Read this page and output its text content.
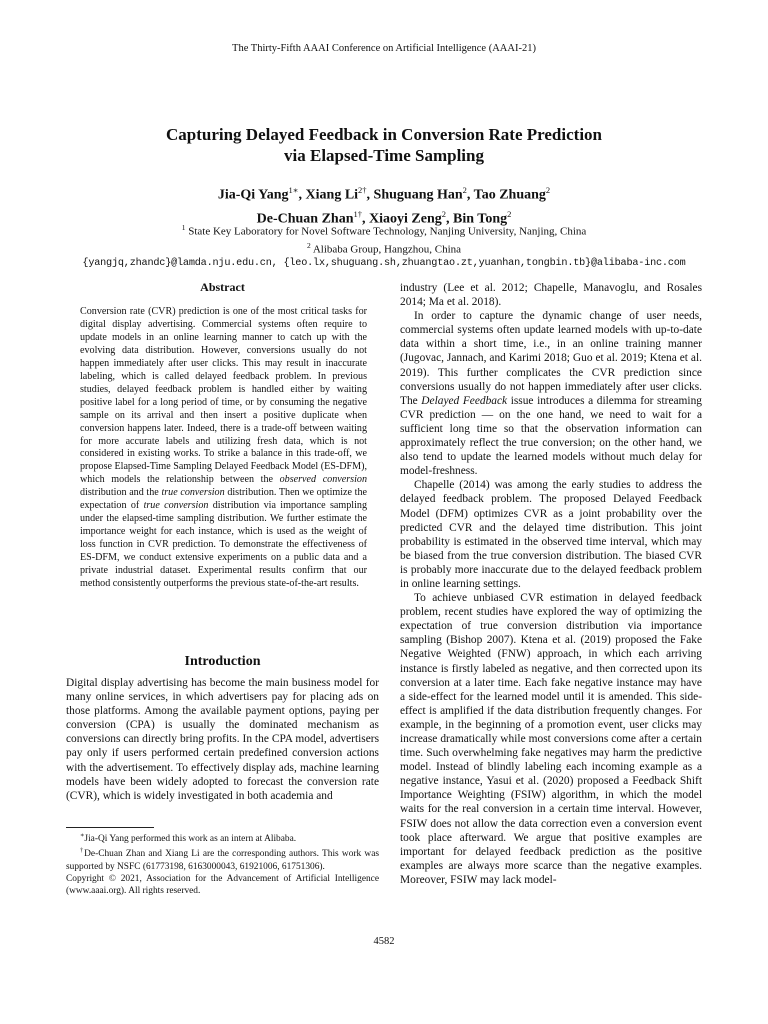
The Thirty-Fifth AAAI Conference on Artificial Intelligence (AAAI-21)
Capturing Delayed Feedback in Conversion Rate Prediction
via Elapsed-Time Sampling
Jia-Qi Yang$^{1∗}$, Xiang $Li^{2\dagger}$, Shuguang Han$^2$, Tao Zhuang$^2$
De-Chuan Zhan$^{1\dagger}$, Xiaoyi Zeng$^2$, Bin Tong$^2$
$^1$ State Key Laboratory for Novel Software Technology, Nanjing University, Nanjing, China
$^2$ Alibaba Group, Hangzhou, China
{yangjq,zhandc}@lamda.nju.edu.cn, {leo.lx,shuguang.sh,zhuangtao.zt,yuanhan,tongbin.tb}@alibaba-inc.com
Abstract
Conversion rate (CVR) prediction is one of the most critical tasks for digital display advertising. Commercial systems often require to update models in an online learning manner to catch up with the evolving data distribution. However, conversions usually do not happen immediately after user clicks. This may result in inaccurate labeling, which is called delayed feedback problem. In previous studies, delayed feedback problem is handled either by waiting positive label for a long period of time, or by consuming the negative sample on its arrival and then insert a positive duplicate when conversion happens later. Indeed, there is a trade-off between waiting for more accurate labels and utilizing fresh data, which is not considered in existing works. To strike a balance in this trade-off, we propose Elapsed-Time Sampling Delayed Feedback Model (ES-DFM), which models the relationship between the observed conversion distribution and the true conversion distribution. Then we optimize the expectation of true conversion distribution via importance sampling under the elapsed-time sampling distribution. We further estimate the importance weight for each instance, which is used as the weight of loss function in CVR prediction. To demonstrate the effectiveness of ES-DFM, we conduct extensive experiments on a public data and a private industrial dataset. Experimental results confirm that our method consistently outperforms the previous state-of-the-art results.
Introduction

Digital display advertising has become the main business model for many online services, in which advertisers pay for placing ads on those platforms. Among the available payment options, paying per conversion (CPA) is usually the dominated mechanism as conversions can directly bring profits. In the CPA model, advertisers pay only if users performed certain predefined conversion actions with the advertisement. To effectively display ads, machine learning models have been widely adopted to forecast the conversion rate (CVR), which is widely investigated in both academia and

∗Jia-Qi Yang performed this work as an intern at Alibaba.

†De-Chuan Zhan and Xiang Li are the corresponding authors. This work was supported by NSFC (61773198, 6163000043, 61921006, 61751306).

Copyright © 2021, Association for the Advancement of Artificial Intelligence (www.aaai.org). All rights reserved.

industry (Lee et al. 2012; Chapelle, Manavoglu, and Rosales 2014; Ma et al. 2018).

In order to capture the dynamic change of user needs, commercial systems often update learned models with up-to-date data within a short time, i.e., in an online training manner (Jugovac, Jannach, and Karimi 2018; Guo et al. 2019; Ktena et al. 2019). This further complicates the CVR prediction since conversions usually do not happen immediately after user clicks. The Delayed Feedback issue introduces a dilemma for streaming CVR prediction — on the one hand, we need to wait for a sufficient long time so that the observation information can approximately reflect the true conversion; on the other hand, we also tend to update the learned models without much delay for model-freshness.

Chapelle (2014) was among the early studies to address the delayed feedback problem. The proposed Delayed Feedback Model (DFM) optimizes CVR as a joint probability over the predicted CVR and the delayed time distribution. This joint probability is estimated in the observed time interval, which may be biased from the true conversion distribution. The biased CVR is probably more inaccurate due to the delayed feedback problem in online learning settings.

To achieve unbiased CVR estimation in delayed feedback problem, recent studies have explored the way of optimizing the expectation of true conversion distribution via importance sampling (Bishop 2007). Ktena et al. (2019) proposed the Fake Negative Weighted (FNW) approach, in which each arriving instance is firstly labeled as negative, and then corrected upon its conversion at a later time. Each fake negative instance may have a side-effect for the learned model until it is amended. This side-effect is amplified if the data distribution frequently changes. For example, in the beginning of a promotion event, user clicks may increase dramatically while most conversions come after a certain time. Such overwhelming fake negatives may harm the predictive model. Instead of blindly labeling each incoming example as a negative instance, Yasui et al. (2020) proposed a Feedback Shift Importance Weighting (FSIW) algorithm, in which the model waits for the real conversion in a certain time interval. However, FSIW does not allow the data correction even a conversion event took place afterward. We argue that positive examples are important for delayed feedback prediction as the positive examples are always more scarce than the negative examples. Moreover, FSIW may lack model-

4582
